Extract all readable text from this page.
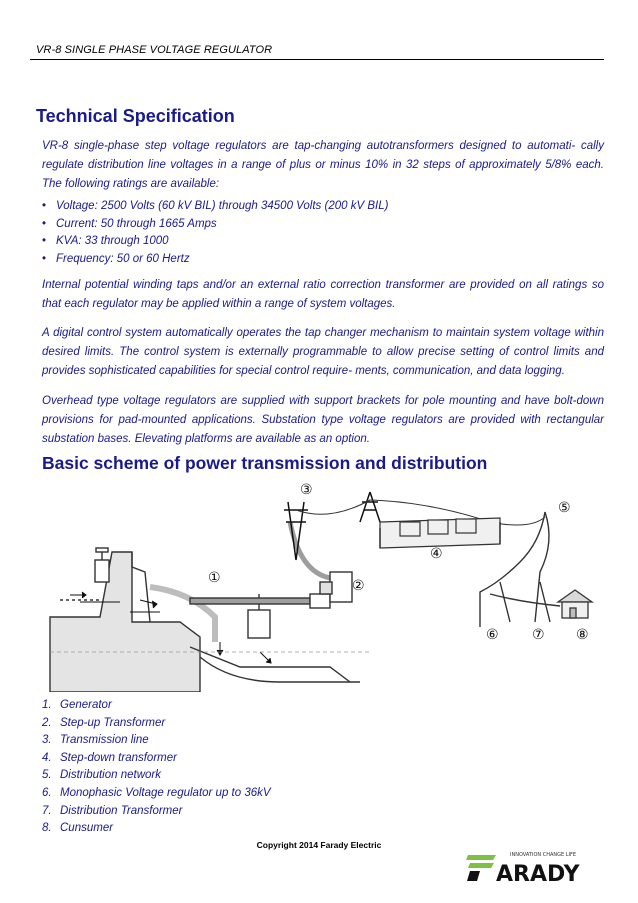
VR-8 SINGLE PHASE VOLTAGE REGULATOR
Technical Specification

VR-8 single-phase step voltage regulators are tap-changing autotransformers designed to automati- cally regulate distribution line voltages in a range of plus or minus 10% in 32 steps of approximately 5/8% each. The following ratings are available:

• Voltage: 2500 Volts (60 kV BIL) through 34500 Volts (200 kV BIL)
• Current: 50 through 1665 Amps
• KVA: 33 through 1000
• Frequency: 50 or 60 Hertz

Internal potential winding taps and/or an external ratio correction transformer are provided on all ratings so that each regulator may be applied within a range of system voltages.

A digital control system automatically operates the tap changer mechanism to maintain system voltage within desired limits. The control system is externally programmable to allow precise setting of control limits and provides sophisticated capabilities for special control require- ments, communication, and data logging.

Overhead type voltage regulators are supplied with support brackets for pole mounting and have bolt-down provisions for pad-mounted applications. Substation type voltage regulators are provided with rectangular substation bases. Elevating platforms are available as an option.

Basic scheme of power transmission and distribution
③
①	②
④
⑤
⑥ ⑦ ⑧
1. Generator
2. Step-up Transformer
3. Transmission line
4. Step-down transformer
5. Distribution network
6. Monophasic Voltage regulator up to 36kV
7. Distribution Transformer
8. Cunsumer
Copyright 2014 Farady Electric
INNOVATION CHANGE LIFE
ARADY
